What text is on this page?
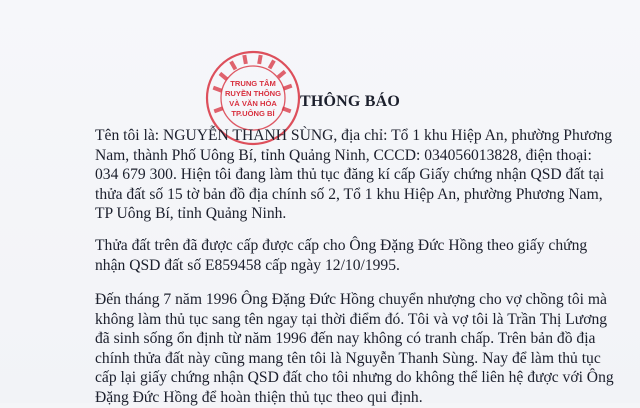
TRUNG TÂM
RUYỀN THÔNG
VÀ VĂN HÓA
TP.UÔNG BÍ
THÔNG BÁO

Tên tôi là: NGUYỄN THANH SÙNG, địa chỉ: Tổ 1 khu Hiệp An, phường Phương
Nam, thành Phố Uông Bí, tỉnh Quảng Ninh, CCCD: 034056013828, điện thoại:
034 679 300. Hiện tôi đang làm thủ tục đăng kí cấp Giấy chứng nhận QSD đất tại
thửa đất số 15 tờ bản đồ địa chính số 2, Tổ 1 khu Hiệp An, phường Phương Nam,
TP Uông Bí, tỉnh Quảng Ninh.

Thửa đất trên đã được cấp được cấp cho Ông Đặng Đức Hồng theo giấy chứng
nhận QSD đất số E859458 cấp ngày 12/10/1995.

Đến tháng 7 năm 1996 Ông Đặng Đức Hồng chuyển nhượng cho vợ chồng tôi mà
không làm thủ tục sang tên ngay tại thời điểm đó. Tôi và vợ tôi là Trần Thị Lương
đã sinh sống ổn định từ năm 1996 đến nay không có tranh chấp. Trên bản đồ địa
chính thửa đất này cũng mang tên tôi là Nguyễn Thanh Sùng. Nay để làm thủ tục
cấp lại giấy chứng nhận QSD đất cho tôi nhưng do không thể liên hệ được với Ông
Đặng Đức Hồng để hoàn thiện thủ tục theo qui định.
